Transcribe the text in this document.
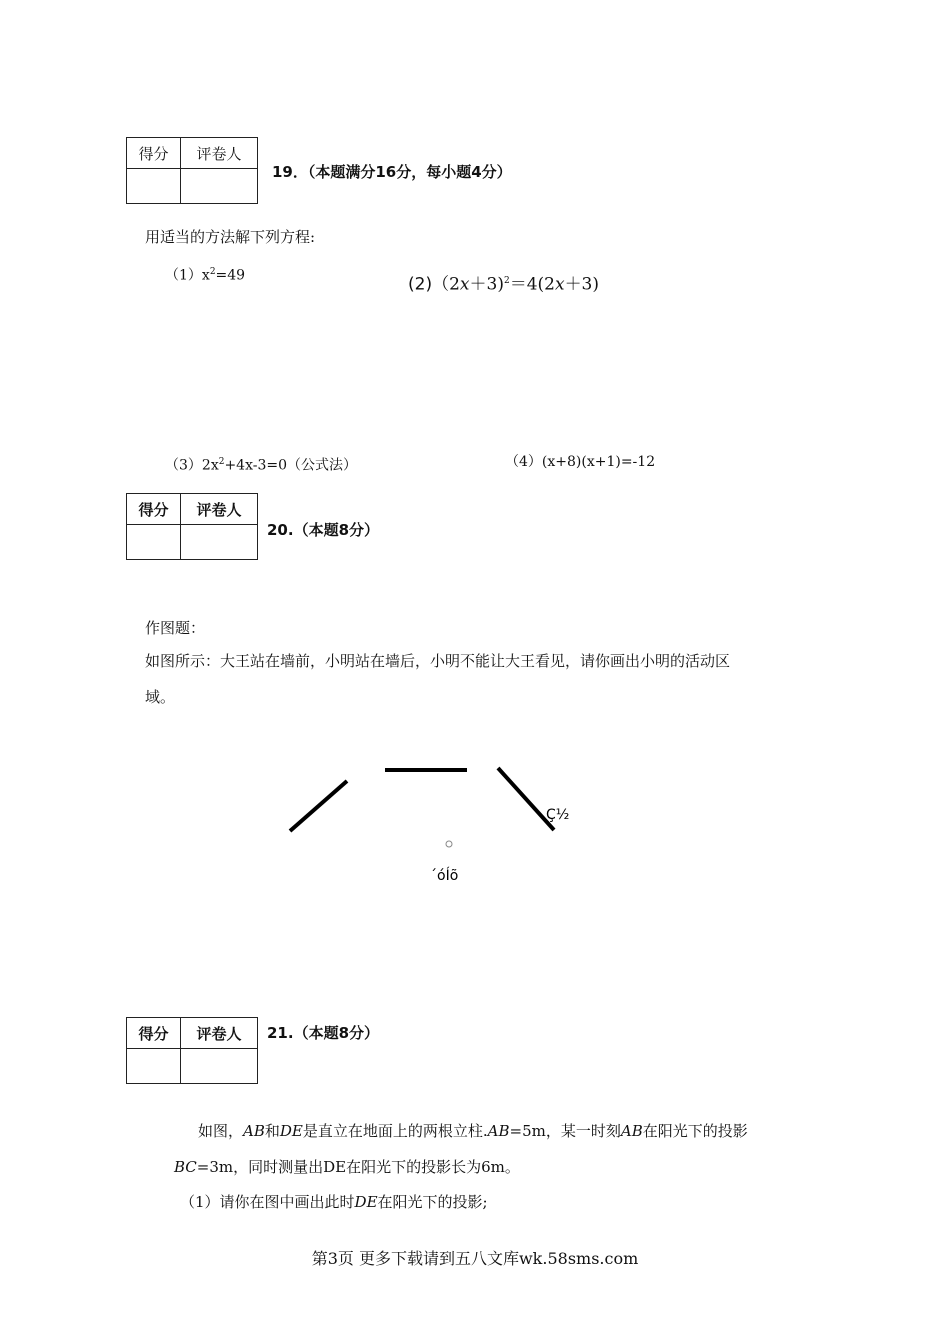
得分	评卷人

19．（本题满分16分，每小题4分）
用适当的方法解下列方程:
$(1)x^2=49$	(2)（2x＋3)$^2$＝4(2x＋3)
$(3)2x^2+4x-3=0$（公式法）	（4）(x+8)(x+1)=-12
得分	评卷人

20.（本题8分）
作图题：
如图所示：大王站在墙前，小明站在墙后，小明不能让大王看见，请你画出小明的活动区
域。
Ç½
´óÍõ
得分	评卷人
	21.（本题8分）
如图，AB和DE是直立在地面上的两根立柱.AB=5m，某一时刻AB在阳光下的投影
BC=3m，同时测量出DE在阳光下的投影长为6m。
（1）请你在图中画出此时DE在阳光下的投影;
第3页 更多下载请到五八文库wk.58sms.com
